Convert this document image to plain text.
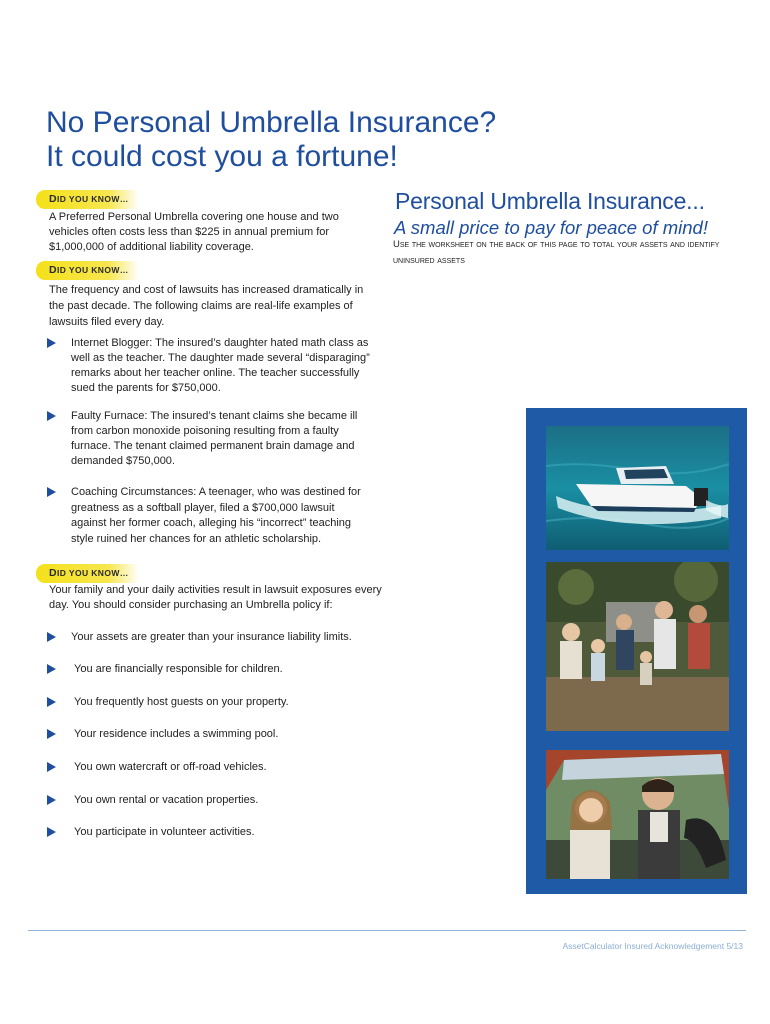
No Personal Umbrella Insurance?
It could cost you a fortune!
DID YOU KNOW…
A Preferred Personal Umbrella covering one house and two vehicles often costs less than $225 in annual premium for $1,000,000 of additional liability coverage.
DID YOU KNOW…
The frequency and cost of lawsuits has increased dramatically in the past decade. The following claims are real-life examples of lawsuits filed every day.
Internet Blogger: The insured’s daughter hated math class as well as the teacher. The daughter made several “disparaging” remarks about her teacher online. The teacher successfully sued the parents for $750,000.
Faulty Furnace: The insured’s tenant claims she became ill from carbon monoxide poisoning resulting from a faulty furnace. The tenant claimed permanent brain damage and demanded $750,000.
Coaching Circumstances: A teenager, who was destined for greatness as a softball player, filed a $700,000 lawsuit against her former coach, alleging his “incorrect” teaching style ruined her chances for an athletic scholarship.
DID YOU KNOW…
Your family and your daily activities result in lawsuit exposures every day. You should consider purchasing an Umbrella policy if:
Your assets are greater than your insurance liability limits.
You are financially responsible for children.
You frequently host guests on your property.
Your residence includes a swimming pool.
You own watercraft or off-road vehicles.
You own rental or vacation properties.
You participate in volunteer activities.
Personal Umbrella Insurance...

A small price to pay for peace of mind!

Use the worksheet on the back of this page to total your assets and identify uninsured assets
AssetCalculator Insured Acknowledgement 5/13
